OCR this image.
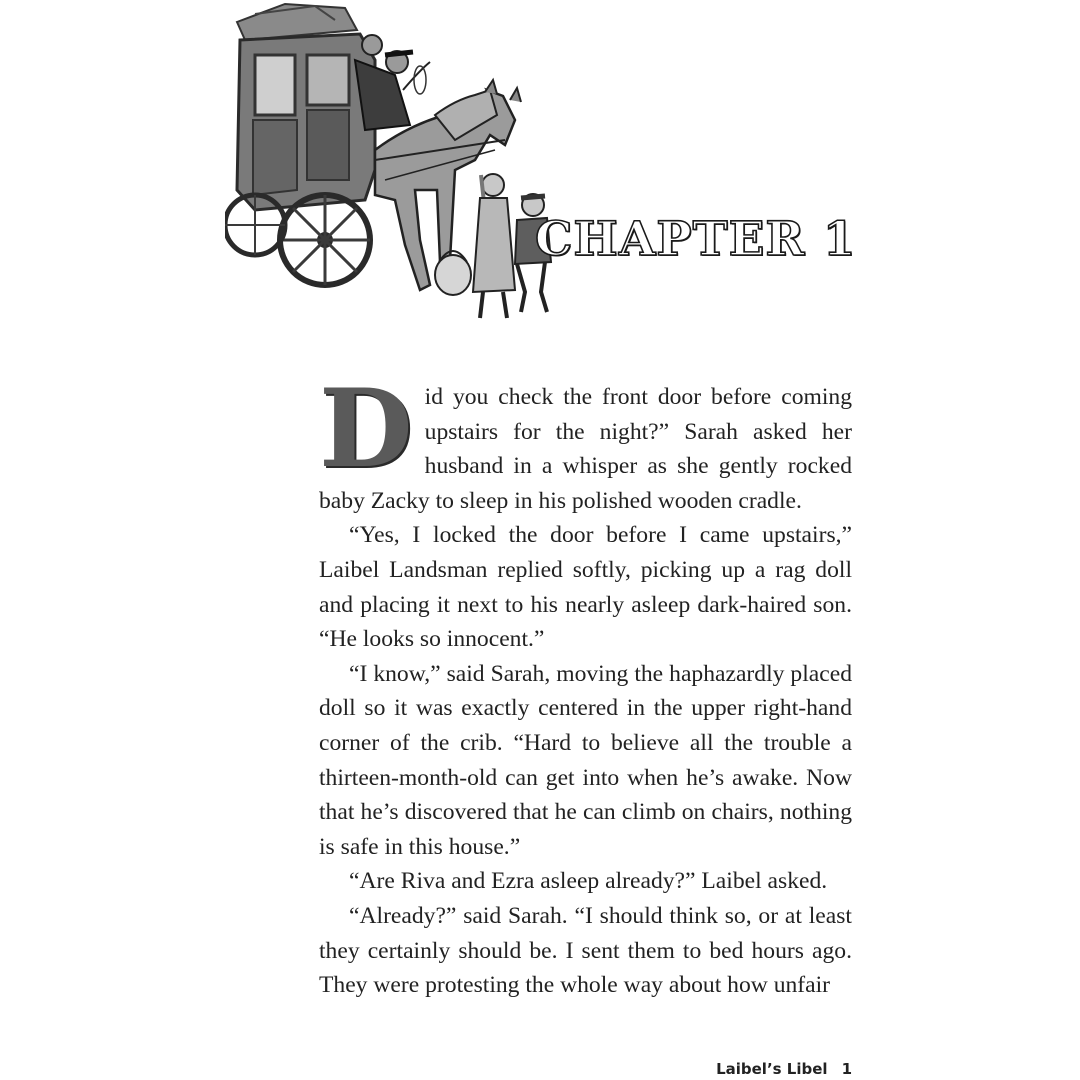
CHAPTER 1

Did you check the front door before coming upstairs for the night?” Sarah asked her husband in a whisper as she gently rocked baby Zacky to sleep in his polished wooden cradle.

“Yes, I locked the door before I came upstairs,” Laibel Landsman replied softly, picking up a rag doll and placing it next to his nearly asleep dark-haired son. “He looks so innocent.”

“I know,” said Sarah, moving the haphazardly placed doll so it was exactly centered in the upper right-hand corner of the crib. “Hard to believe all the trouble a thirteen-month-old can get into when he’s awake. Now that he’s discovered that he can climb on chairs, nothing is safe in this house.”

“Are Riva and Ezra asleep already?” Laibel asked.

“Already?” said Sarah. “I should think so, or at least they certainly should be. I sent them to bed hours ago. They were protesting the whole way about how unfair

Laibel’s Libel 1
